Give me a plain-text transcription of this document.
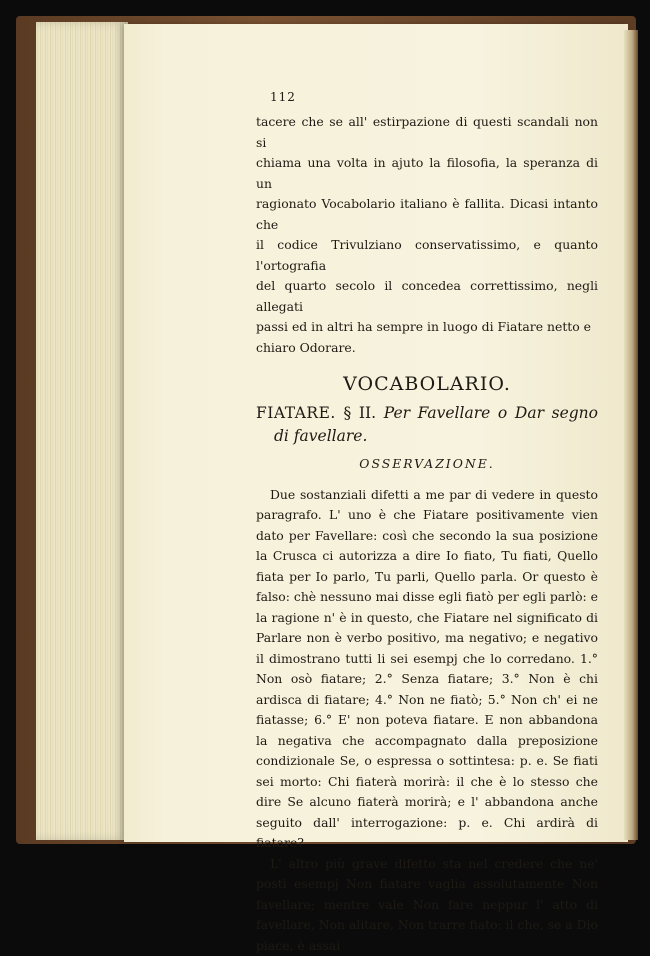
112
tacere che se all' estirpazione di questi scandali non si
chiama una volta in ajuto la filosofia, la speranza di un
ragionato Vocabolario italiano è fallita. Dicasi intanto che
il codice Trivulziano conservatissimo, e quanto l'ortografia
del quarto secolo il concedea correttissimo, negli allegati
passi ed in altri ha sempre in luogo di Fiatare netto e
chiaro Odorare.
VOCABOLARIO.
FIATARE. § II. Per Favellare o Dar segno di favellare.
OSSERVAZIONE.

Due sostanziali difetti a me par di vedere in questo paragrafo. L' uno è che Fiatare positivamente vien dato per Favellare: così che secondo la sua posizione la Crusca ci autorizza a dire Io fiato, Tu fiati, Quello fiata per Io parlo, Tu parli, Quello parla. Or questo è falso: chè nessuno mai disse egli fiatò per egli parlò: e la ragione n' è in questo, che Fiatare nel significato di Parlare non è verbo positivo, ma negativo; e negativo il dimostrano tutti li sei esempj che lo corredano. 1.° Non osò fiatare; 2.° Senza fiatare; 3.° Non è chi ardisca di fiatare; 4.° Non ne fiatò; 5.° Non ch' ei ne fiatasse; 6.° E' non poteva fiatare. E non abbandona la negativa che accompagnato dalla preposizione condizionale Se, o espressa o sottintesa: p. e. Se fiati sei morto: Chi fiaterà morirà: il che è lo stesso che dire Se alcuno fiaterà morirà; e l' abbandona anche seguito dall' interrogazione: p. e. Chi ardirà di fiatare?

L' altro più grave difetto sta nel credere che ne' posti esempj Non fiatare vaglia assolutamente Non favellare; mentre vale Non fare neppur l' atto di favellare, Non alitare, Non trarre fiato: il che, se a Dio piace, è assai
